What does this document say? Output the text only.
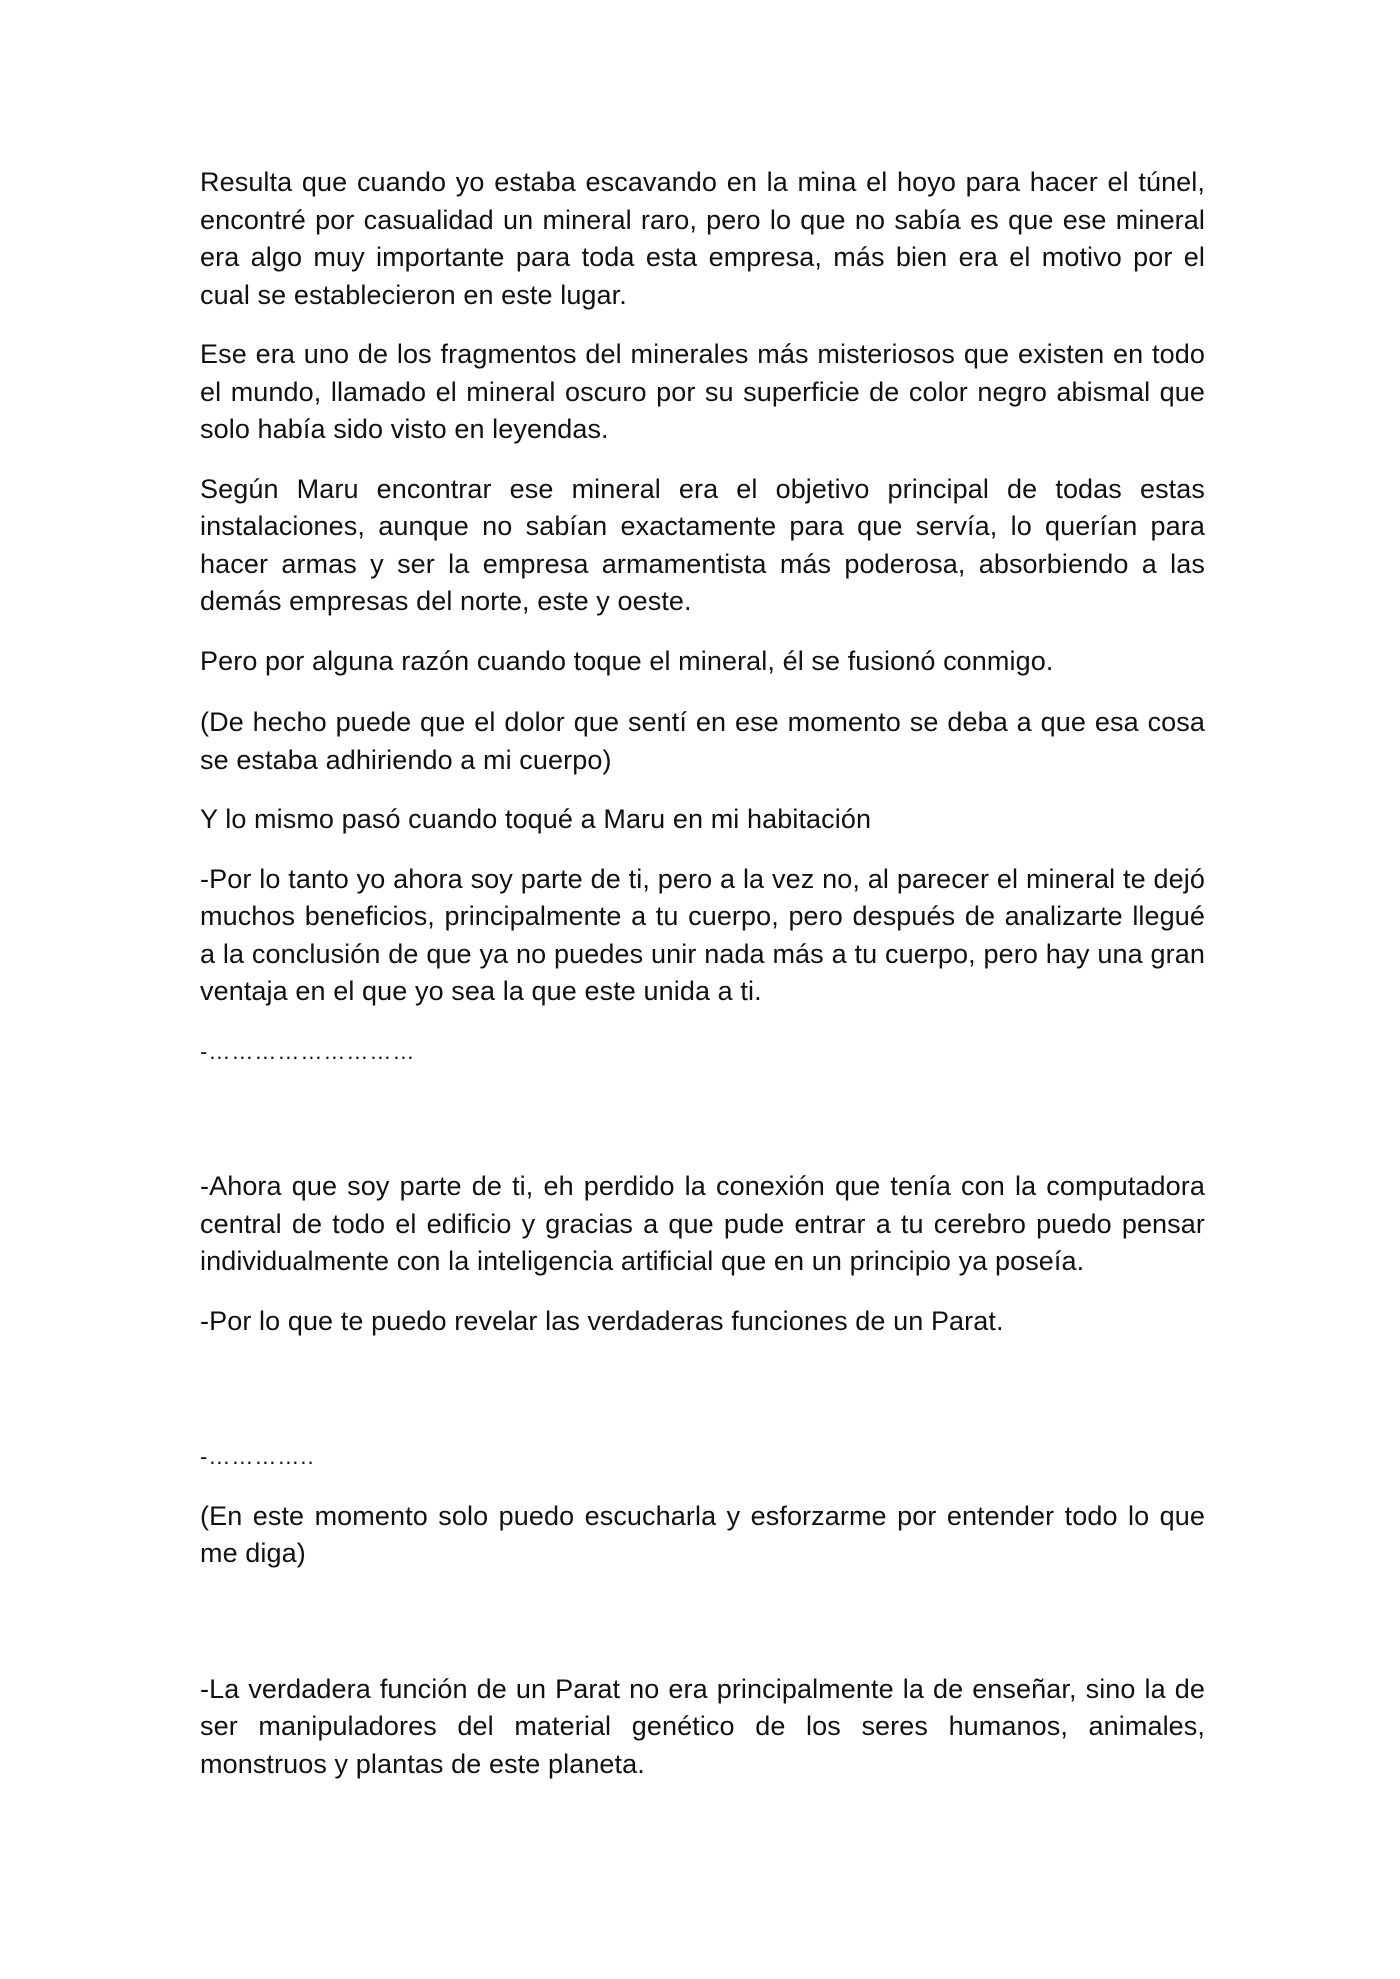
Resulta que cuando yo estaba escavando en la mina el hoyo para hacer el túnel, encontré por casualidad un mineral raro, pero lo que no sabía es que ese mineral era algo muy importante para toda esta empresa, más bien era el motivo por el cual se establecieron en este lugar.

Ese era uno de los fragmentos del minerales más misteriosos que existen en todo el mundo, llamado el mineral oscuro por su superficie de color negro abismal que solo había sido visto en leyendas.

Según Maru encontrar ese mineral era el objetivo principal de todas estas instalaciones, aunque no sabían exactamente para que servía, lo querían para hacer armas y ser la empresa armamentista más poderosa, absorbiendo a las demás empresas del norte, este y oeste.

Pero por alguna razón cuando toque el mineral, él se fusionó conmigo.

(De hecho puede que el dolor que sentí en ese momento se deba a que esa cosa se estaba adhiriendo a mi cuerpo)

Y lo mismo pasó cuando toqué a Maru en mi habitación

-Por lo tanto yo ahora soy parte de ti, pero a la vez no, al parecer el mineral te dejó muchos beneficios, principalmente a tu cuerpo, pero después de analizarte llegué a la conclusión de que ya no puedes unir nada más a tu cuerpo, pero hay una gran ventaja en el que yo sea la que este unida a ti.

-………………………

-Ahora que soy parte de ti, eh perdido la conexión que tenía con la computadora central de todo el edificio y gracias a que pude entrar a tu cerebro puedo pensar individualmente con la inteligencia artificial que en un principio ya poseía.

-Por lo que te puedo revelar las verdaderas funciones de un Parat.

-…………..

(En este momento solo puedo escucharla y esforzarme por entender todo lo que me diga)

-La verdadera función de un Parat no era principalmente la de enseñar, sino la de ser manipuladores del material genético de los seres humanos, animales, monstruos y plantas de este planeta.
